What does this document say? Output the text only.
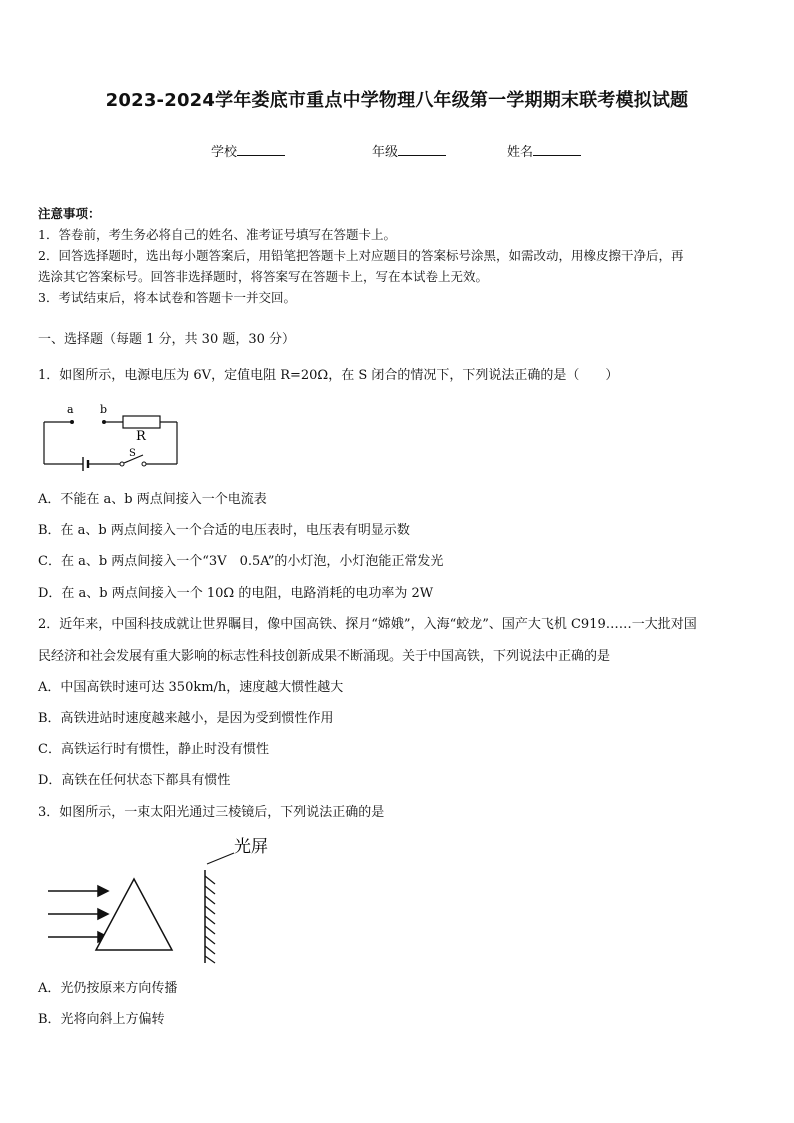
2023-2024学年娄底市重点中学物理八年级第一学期期末联考模拟试题
学校	年级	姓名
注意事项：
1．答卷前，考生务必将自己的姓名、准考证号填写在答题卡上。
2．回答选择题时，选出每小题答案后，用铅笔把答题卡上对应题目的答案标号涂黑，如需改动，用橡皮擦干净后，再
选涂其它答案标号。回答非选择题时，将答案写在答题卡上，写在本试卷上无效。
3．考试结束后，将本试卷和答题卡一并交回。
一、选择题（每题 1 分，共 30 题，30 分）
1．如图所示，电源电压为 6V，定值电阻 R=20Ω，在 S 闭合的情况下，下列说法正确的是（　　）
a b
R
S
A．不能在 a、b 两点间接入一个电流表
B．在 a、b 两点间接入一个合适的电压表时，电压表有明显示数
C．在 a、b 两点间接入一个“3V　0.5A”的小灯泡，小灯泡能正常发光
D．在 a、b 两点间接入一个 10Ω 的电阻，电路消耗的电功率为 2W
2．近年来，中国科技成就让世界瞩目，像中国高铁、探月“嫦娥”，入海“蛟龙”、国产大飞机 C919……一大批对国
民经济和社会发展有重大影响的标志性科技创新成果不断涌现。关于中国高铁，下列说法中正确的是
A．中国高铁时速可达 350km/h，速度越大惯性越大
B．高铁进站时速度越来越小，是因为受到惯性作用
C．高铁运行时有惯性，静止时没有惯性
D．高铁在任何状态下都具有惯性
3．如图所示，一束太阳光通过三棱镜后，下列说法正确的是
光屏
A．光仍按原来方向传播
B．光将向斜上方偏转
